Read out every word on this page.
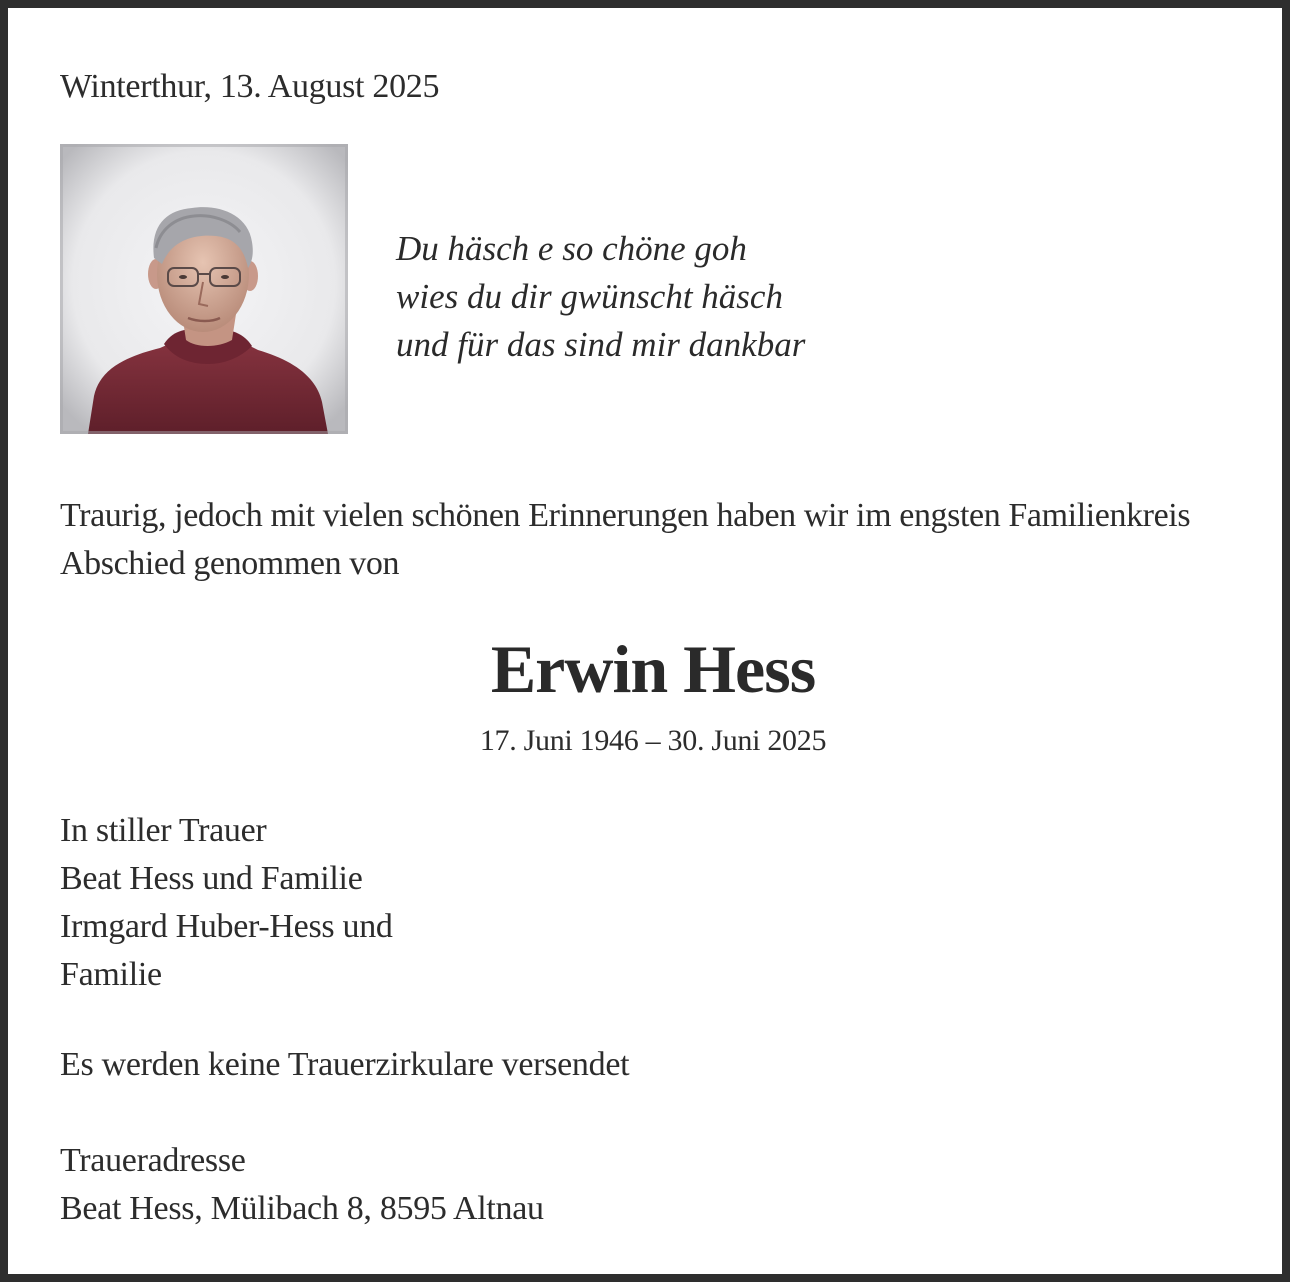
Winterthur, 13. August 2025
Du häsch e so chöne goh
wies du dir gwünscht häsch
und für das sind mir dankbar
Traurig, jedoch mit vielen schönen Erinnerungen haben wir im engsten Familienkreis
Abschied genommen von
Erwin Hess
17. Juni 1946 – 30. Juni 2025
In stiller Trauer
Beat Hess und Familie
Irmgard Huber-Hess und
Familie
Es werden keine Trauerzirkulare versendet
Traueradresse
Beat Hess, Mülibach 8, 8595 Altnau
